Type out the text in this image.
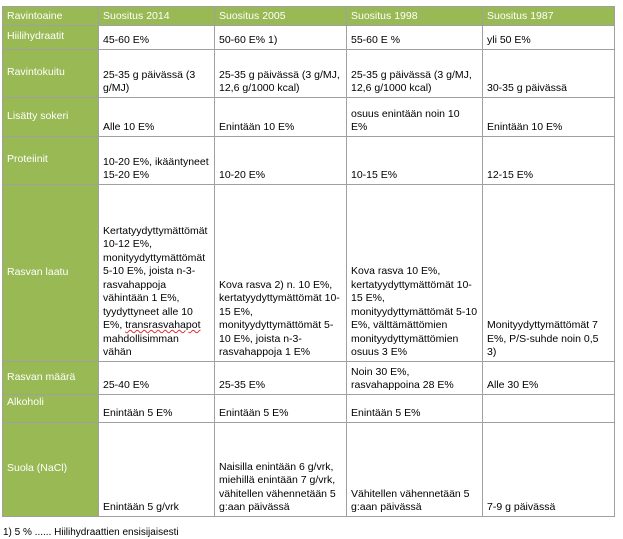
Ravintoaine	Suositus 2014	Suositus 2005	Suositus 1998	Suositus 1987
Hiilihydraatit	45-60 E%	50-60 E% 1)	55-60 E %	yli 50 E%
Ravintokuitu	25-35 g päivässä (3 g/MJ)	25-35 g päivässä (3 g/MJ, 12,6 g/1000 kcal)	25-35 g päivässä (3 g/MJ, 12,6 g/1000 kcal)	30-35 g päivässä
Lisätty sokeri	Alle 10 E%	Enintään 10 E%	osuus enintään noin 10 E%	Enintään 10 E%
Proteiinit	10-20 E%, ikääntyneet 15-20 E%	10-20 E%	10-15 E%	12-15 E%
Rasvan laatu	Kertatyydyttymättömät 10-12 E%, monityydyttymättömät 5-10 E%, joista n-3-rasvahappoja vähintään 1 E%, tyydyttyneet alle 10 E%, transrasvahapot mahdollisimman vähän	Kova rasva 2) n. 10 E%, kertatyydyttymättömät 10-15 E%, monityydyttymättömät 5-10 E%, joista n-3-rasvahappoja 1 E%	Kova rasva 10 E%, kertatyydyttymättömät 10-15 E%, monityydyttymättömät 5-10 E%, välttämättömien monityydyttymättömien osuus 3 E%	Monityydyttymättömät 7 E%, P/S-suhde noin 0,5 3)
Rasvan määrä	25-40 E%	25-35 E%	Noin 30 E%, rasvahappoina 28 E%	Alle 30 E%
Alkoholi	Enintään 5 E%	Enintään 5 E%	Enintään 5 E%	
Suola (NaCl)	Enintään 5 g/vrk	Naisilla enintään 6 g/vrk, miehillä enintään 7 g/vrk, vähitellen vähennetään 5 g:aan päivässä	Vähitellen vähennetään 5 g:aan päivässä	7-9 g päivässä
1) 5 % ...... Hiilihydraattien ensisijaisesti
